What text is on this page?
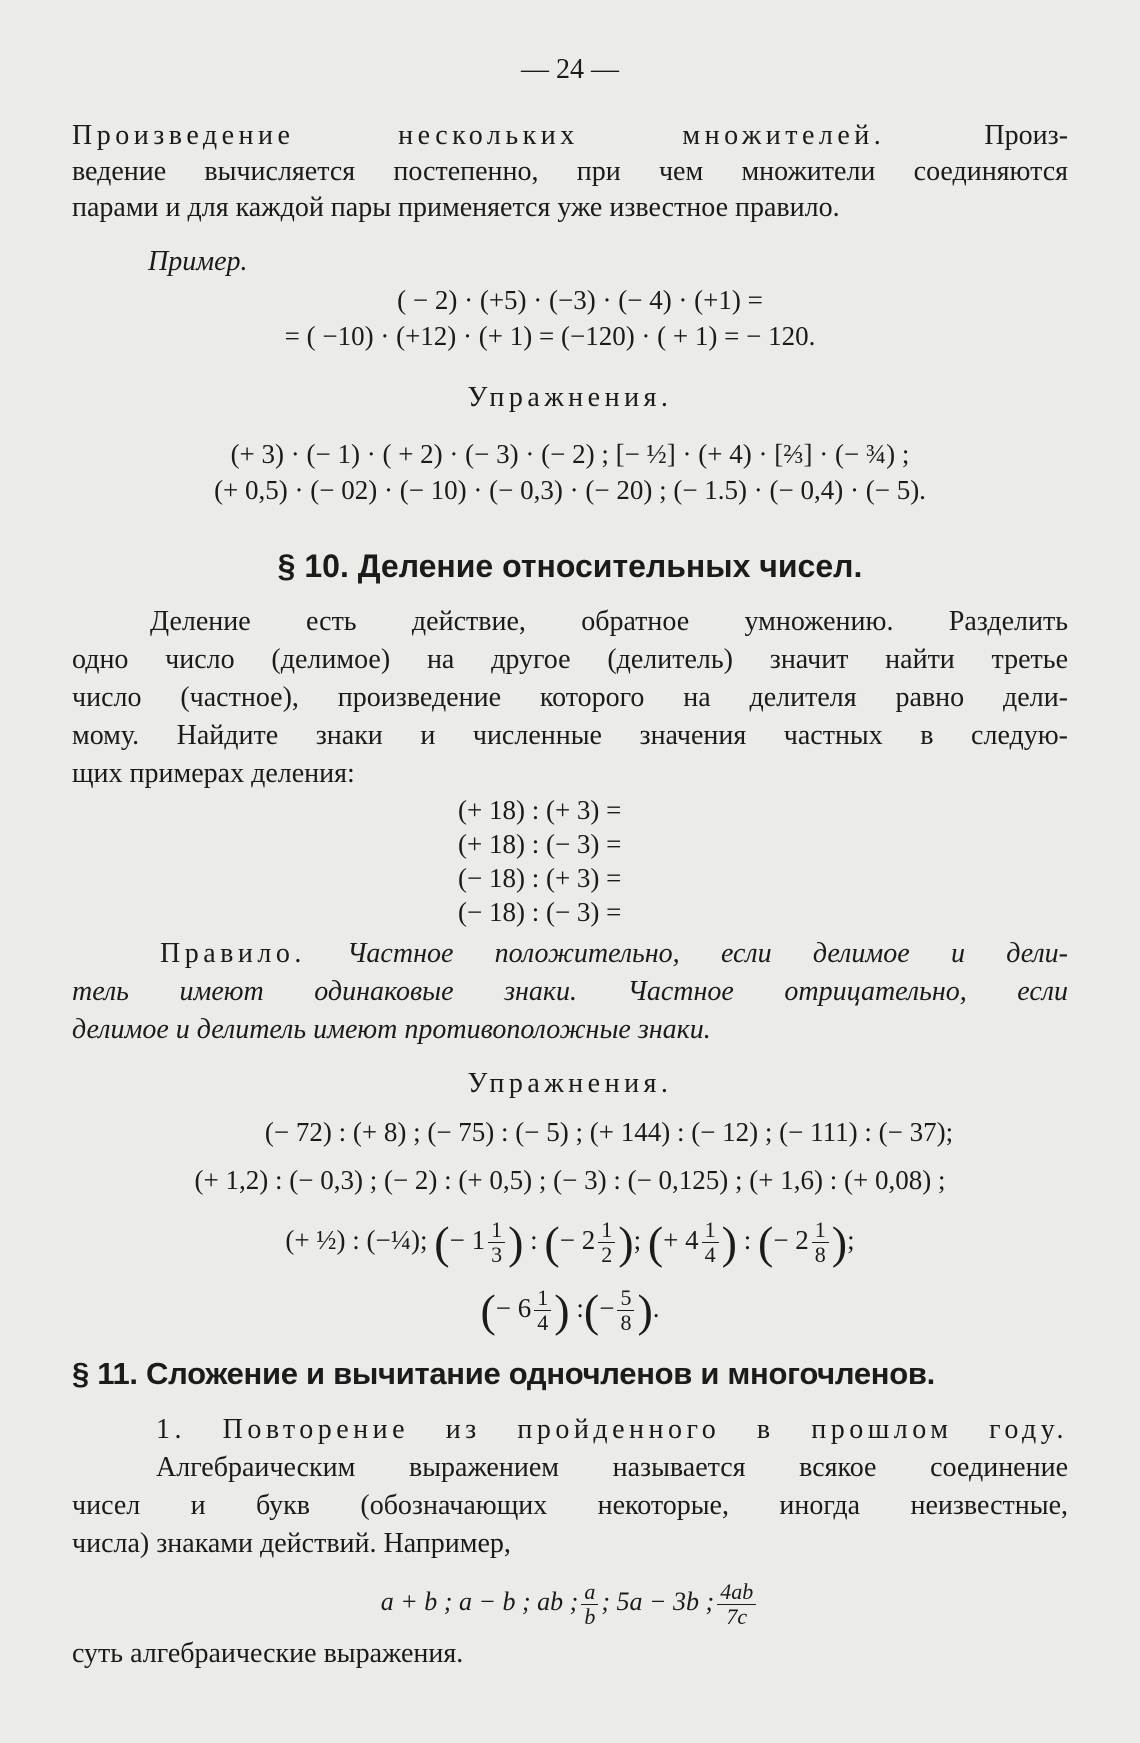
— 24 —
Произведение нескольких множителей.	Произ-
ведение вычисляется постепенно, при чем множители соединяются
парами и для каждой пары применяется уже известное правило.
Пример.
( − 2) · (+5) · (−3) · (− 4) · (+1) =
= ( −10) · (+12) · (+ 1) = (−120) · ( + 1) = − 120.
Упражнения.
(+ 3) · (− 1) · ( + 2) · (− 3) · (− 2) ; [− ½] · (+ 4) · [⅔] · (− ¾) ;
(+ 0,5) · (− 02) · (− 10) · (− 0,3) · (− 20) ; (− 1.5) · (− 0,4) · (− 5).
§ 10. Деление относительных чисел.
Деление есть действие, обратное умножению. Разделить
одно число (делимое) на другое (делитель) значит найти третье
число (частное), произведение которого на делителя равно дели-
мому. Найдите знаки и численные значения частных в следую-
щих примерах деления:
(+ 18) : (+ 3) =
(+ 18) : (− 3) =
(− 18) : (+ 3) =
(− 18) : (− 3) =
Правило. Частное положительно, если делимое и дели-
тель имеют одинаковые знаки. Частное отрицательно, если
делимое и делитель имеют противоположные знаки.
Упражнения.
(− 72) : (+ 8) ; (− 75) : (− 5) ; (+ 144) : (− 12) ; (− 111) : (− 37);
(+ 1,2) : (− 0,3) ; (− 2) : (+ 0,5) ; (− 3) : (− 0,125) ; (+ 1,6) : (+ 0,08) ;
(+ ½) : (−¼); (− $1 \frac{1}{3}$ ) : (− $2 \frac{1}{2}$ ); (+ $4 \frac{1}{4}$ ) : (− $2 \frac{1}{8}$ );
(− $6 \frac{1}{4}$ ) :(− $\frac{5}{8}$ ).
§ 11. Сложение и вычитание одночленов и многочленов.
1. Повторение из пройденного в прошлом году.
Алгебраическим выражением называется всякое соединение
чисел и букв (обозначающих некоторые, иногда неизвестные,
числа) знаками действий. Например,
a + b ; a − b ; ab ; $\frac{a}{b}$ ; 5a − 3b ; $\frac{4ab}{7c}$
суть алгебраические выражения.
